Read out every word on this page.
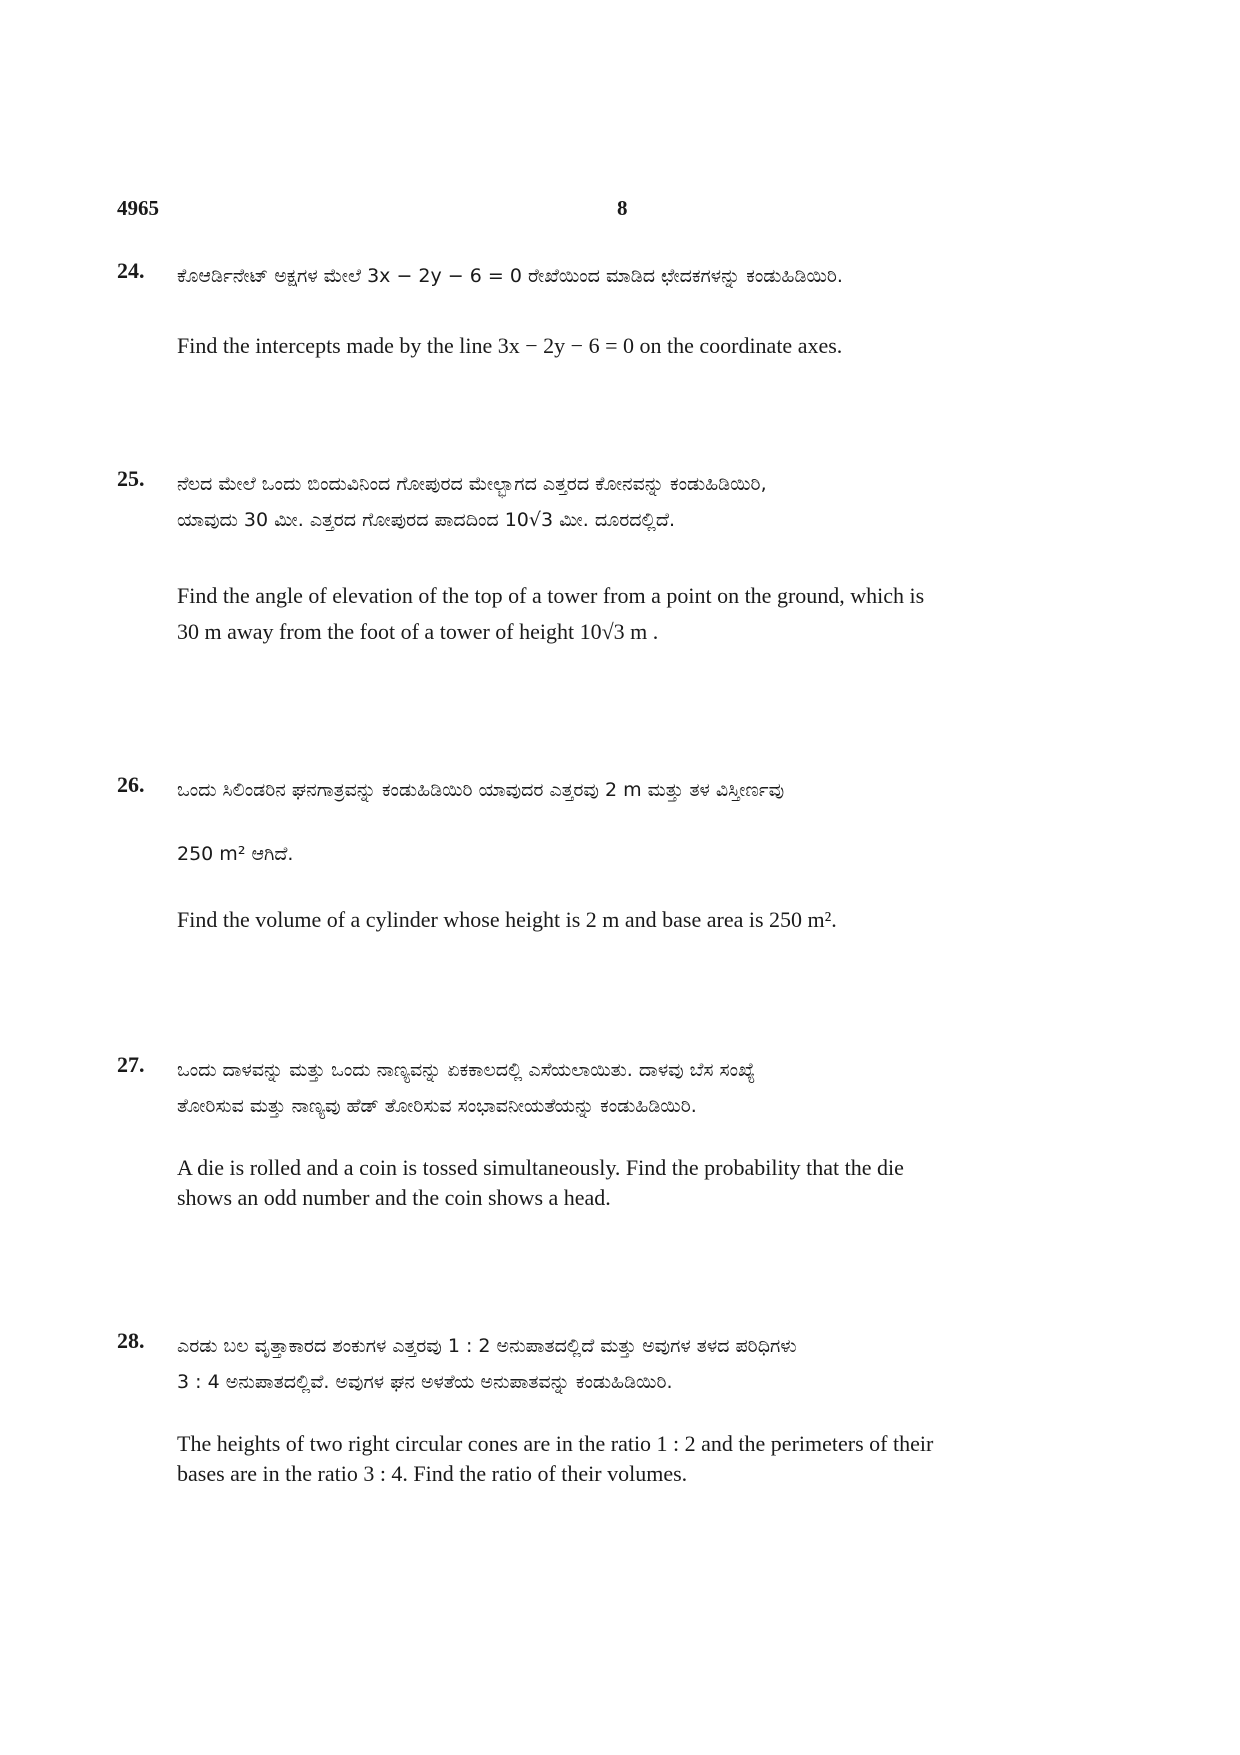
4965	8
24. ಕೊಆರ್ಡಿನೇಟ್ ಅಕ್ಷಗಳ ಮೇಲೆ 3x − 2y − 6 = 0 ರೇಖೆಯಿಂದ ಮಾಡಿದ ಛೇದಕಗಳನ್ನು ಕಂಡುಹಿಡಿಯಿರಿ.

Find the intercepts made by the line 3x − 2y − 6 = 0 on the coordinate axes.

25. ನೆಲದ ಮೇಲೆ ಒಂದು ಬಿಂದುವಿನಿಂದ ಗೋಪುರದ ಮೇಲ್ಭಾಗದ ಎತ್ತರದ ಕೋನವನ್ನು ಕಂಡುಹಿಡಿಯಿರಿ,

ಯಾವುದು 30 ಮೀ. ಎತ್ತರದ ಗೋಪುರದ ಪಾದದಿಂದ 10√3 ಮೀ. ದೂರದಲ್ಲಿದೆ.

Find the angle of elevation of the top of a tower from a point on the ground, which is

30 m away from the foot of a tower of height 10√3 m .

26. ಒಂದು ಸಿಲಿಂಡರಿನ ಘನಗಾತ್ರವನ್ನು ಕಂಡುಹಿಡಿಯಿರಿ ಯಾವುದರ ಎತ್ತರವು 2 m ಮತ್ತು ತಳ ವಿಸ್ತೀರ್ಣವು

250 m² ಆಗಿದೆ.

Find the volume of a cylinder whose height is 2 m and base area is 250 m².

27. ಒಂದು ದಾಳವನ್ನು ಮತ್ತು ಒಂದು ನಾಣ್ಯವನ್ನು ಏಕಕಾಲದಲ್ಲಿ ಎಸೆಯಲಾಯಿತು. ದಾಳವು ಬೆಸ ಸಂಖ್ಯೆ

ತೋರಿಸುವ ಮತ್ತು ನಾಣ್ಯವು ಹೆಡ್ ತೋರಿಸುವ ಸಂಭಾವನೀಯತೆಯನ್ನು ಕಂಡುಹಿಡಿಯಿರಿ.

A die is rolled and a coin is tossed simultaneously. Find the probability that the die

shows an odd number and the coin shows a head.

28. ಎರಡು ಬಲ ವೃತ್ತಾಕಾರದ ಶಂಕುಗಳ ಎತ್ತರವು 1 : 2 ಅನುಪಾತದಲ್ಲಿದೆ ಮತ್ತು ಅವುಗಳ ತಳದ ಪರಿಧಿಗಳು

3 : 4 ಅನುಪಾತದಲ್ಲಿವೆ. ಅವುಗಳ ಘನ ಅಳತೆಯ ಅನುಪಾತವನ್ನು ಕಂಡುಹಿಡಿಯಿರಿ.

The heights of two right circular cones are in the ratio 1 : 2 and the perimeters of their

bases are in the ratio 3 : 4. Find the ratio of their volumes.
